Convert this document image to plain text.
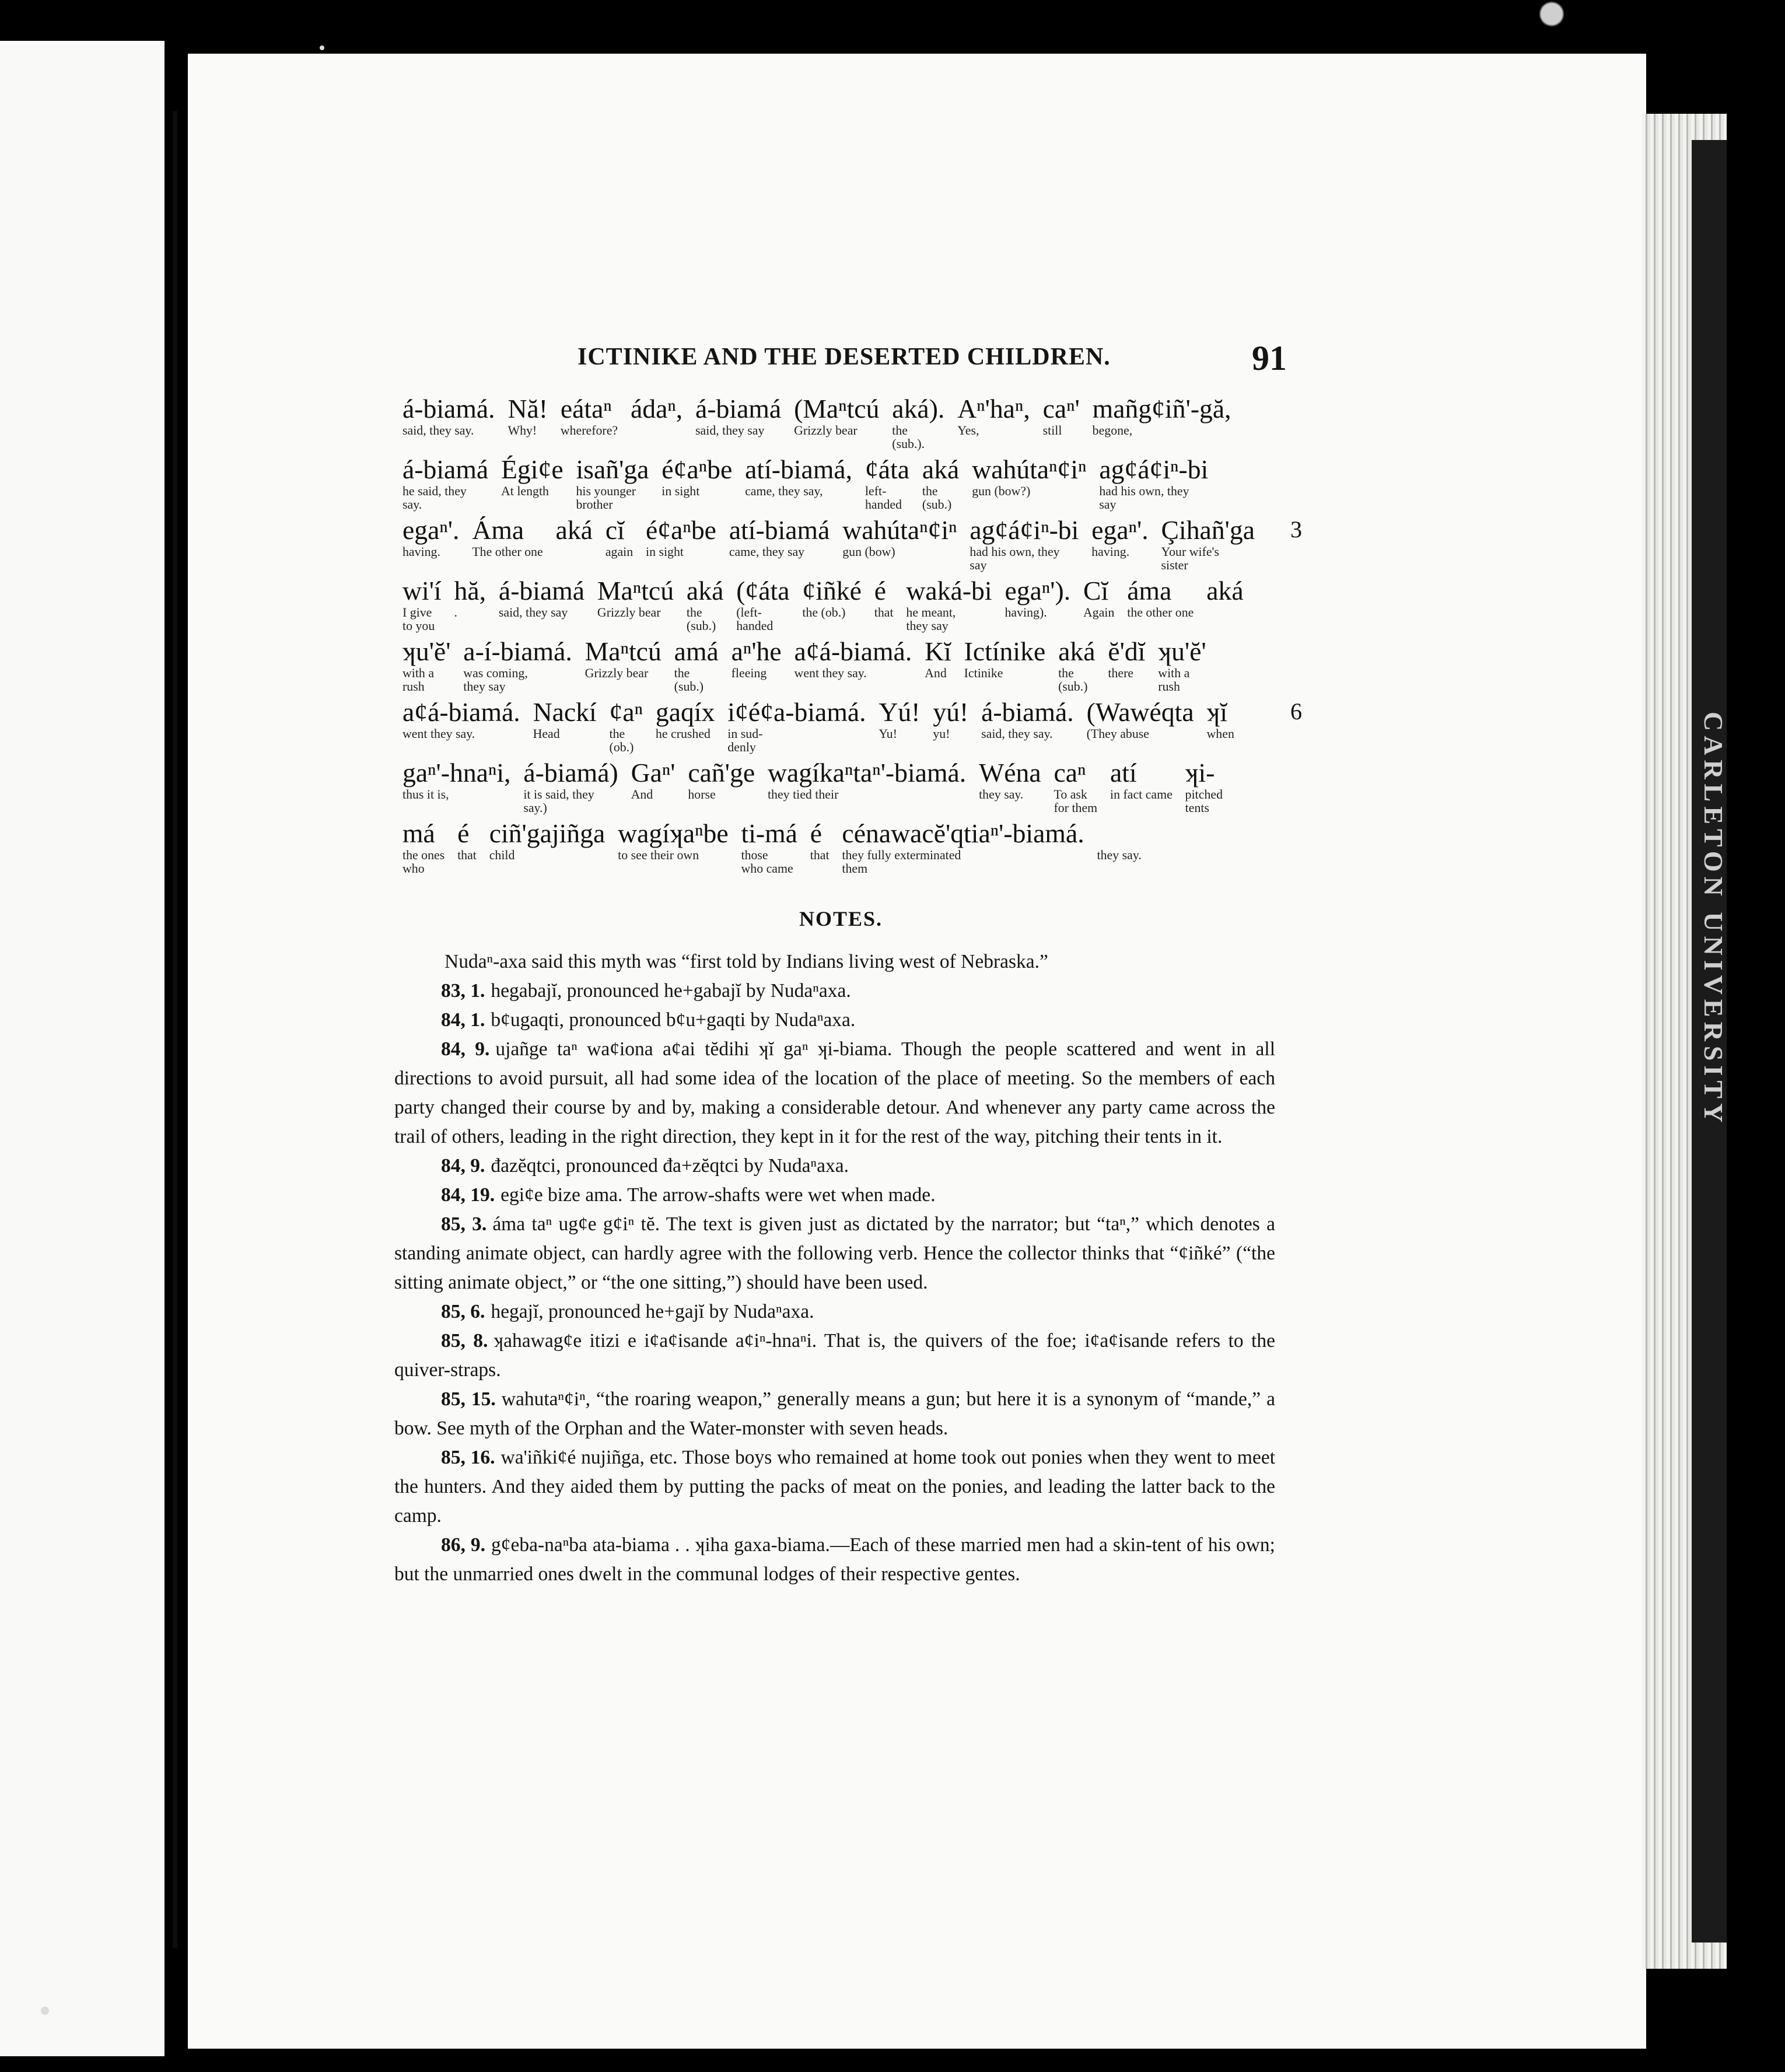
CARLETON UNIVERSITY
ICTINIKE AND THE DESERTED CHILDREN.	91
á-biamá.
said, they say.
Nă!
Why!
eátaⁿ
wherefore?
ádaⁿ, á-biamá
said, they say
(Maⁿtcú
Grizzly bear
aká).
the
(sub.).
Aⁿ'haⁿ,
Yes,
caⁿ'
still
mañg¢iñ'-gă,
begone,
á-biamá
he said, they
say.
Égi¢e
At length
isañ'ga
his younger
brother
é¢aⁿbe
in sight
atí-biamá,
came, they say,
¢áta
left-
handed
aká
the
(sub.)
wahútaⁿ¢iⁿ
gun (bow?)
ag¢á¢iⁿ-bi
had his own, they
say
egaⁿ'.
having.
Áma
The other one
aká cĭ
again
é¢aⁿbe
in sight
atí-biamá
came, they say
wahútaⁿ¢iⁿ
gun (bow)
ag¢á¢iⁿ-bi
had his own, they
say
egaⁿ'.
having.
Çihañ'ga
Your wife's
sister
wi'í
I give
to you
hă,
.
á-biamá
said, they say
Maⁿtcú
Grizzly bear
aká
the
(sub.)
(¢áta
(left-
handed
¢iñké
the (ob.)
é
that
waká-bi
he meant,
they say
egaⁿ').
having).
Cĭ
Again
áma
the other one
aká
ʞu'ĕ'
with a
rush
a-í-biamá.
was coming,
they say
Maⁿtcú
Grizzly bear
amá
the
(sub.)
aⁿ'he
fleeing
a¢á-biamá.
went they say.
Kĭ
And
Ictínike
Ictinike
aká
the
(sub.)
ĕ'dĭ
there
ʞu'ĕ'
with a
rush
a¢á-biamá.
went they say.
Nackí
Head
¢aⁿ
the
(ob.)
gaqíx
he crushed
i¢é¢a-biamá.
in sud-
denly
Yú!
Yu!
yú!
yu!
á-biamá.
said, they say.
(Wawéqta
(They abuse
ʞĭ
when
gaⁿ'-hnaⁿi,
thus it is,
á-biamá)
it is said, they
say.)
Gaⁿ'
And
cañ'ge
horse
wagíkaⁿtaⁿ'-biamá.
they tied their
Wéna
they say.
caⁿ
To ask
for them
atí
in fact came
ʞi-
pitched
tents
má
the ones
who
é
that
ciñ'gajiñga
child
wagíʞaⁿbe
to see their own
ti-má
those
who came
é
that
cénawacĕ'qtiaⁿ'-biamá.
they fully exterminated
them

they say.
NOTES.

Nudaⁿ-axa said this myth was “first told by Indians living west of Nebraska.”

83, 1. hegabajĭ, pronounced he+gabajĭ by Nudaⁿaxa.

84, 1. b¢ugaqti, pronounced b¢u+gaqti by Nudaⁿaxa.

84, 9. ujañge taⁿ wa¢iona a¢ai tĕdihi ʞĭ gaⁿ ʞi-biama. Though the people scattered and went in all directions to avoid pursuit, all had some idea of the location of the place of meeting. So the members of each party changed their course by and by, making a considerable detour. And whenever any party came across the trail of others, leading in the right direction, they kept in it for the rest of the way, pitching their tents in it.

84, 9. đazĕqtci, pronounced đa+zĕqtci by Nudaⁿaxa.

84, 19. egi¢e bize ama. The arrow-shafts were wet when made.

85, 3. áma taⁿ ug¢e g¢iⁿ tĕ. The text is given just as dictated by the narrator; but “taⁿ,” which denotes a standing animate object, can hardly agree with the following verb. Hence the collector thinks that “¢iñké” (“the sitting animate object,” or “the one sitting,”) should have been used.

85, 6. hegajĭ, pronounced he+gajĭ by Nudaⁿaxa.

85, 8. ʞahawag¢e itizi e i¢a¢isande a¢iⁿ-hnaⁿi. That is, the quivers of the foe; i¢a¢isande refers to the quiver-straps.

85, 15. wahutaⁿ¢iⁿ, “the roaring weapon,” generally means a gun; but here it is a synonym of “mande,” a bow. See myth of the Orphan and the Water-monster with seven heads.

85, 16. wa'iñki¢é nujiñga, etc. Those boys who remained at home took out ponies when they went to meet the hunters. And they aided them by putting the packs of meat on the ponies, and leading the latter back to the camp.

86, 9. g¢eba-naⁿba ata-biama . . ʞiha gaxa-biama.—Each of these married men had a skin-tent of his own; but the unmarried ones dwelt in the communal lodges of their respective gentes.

3
6
